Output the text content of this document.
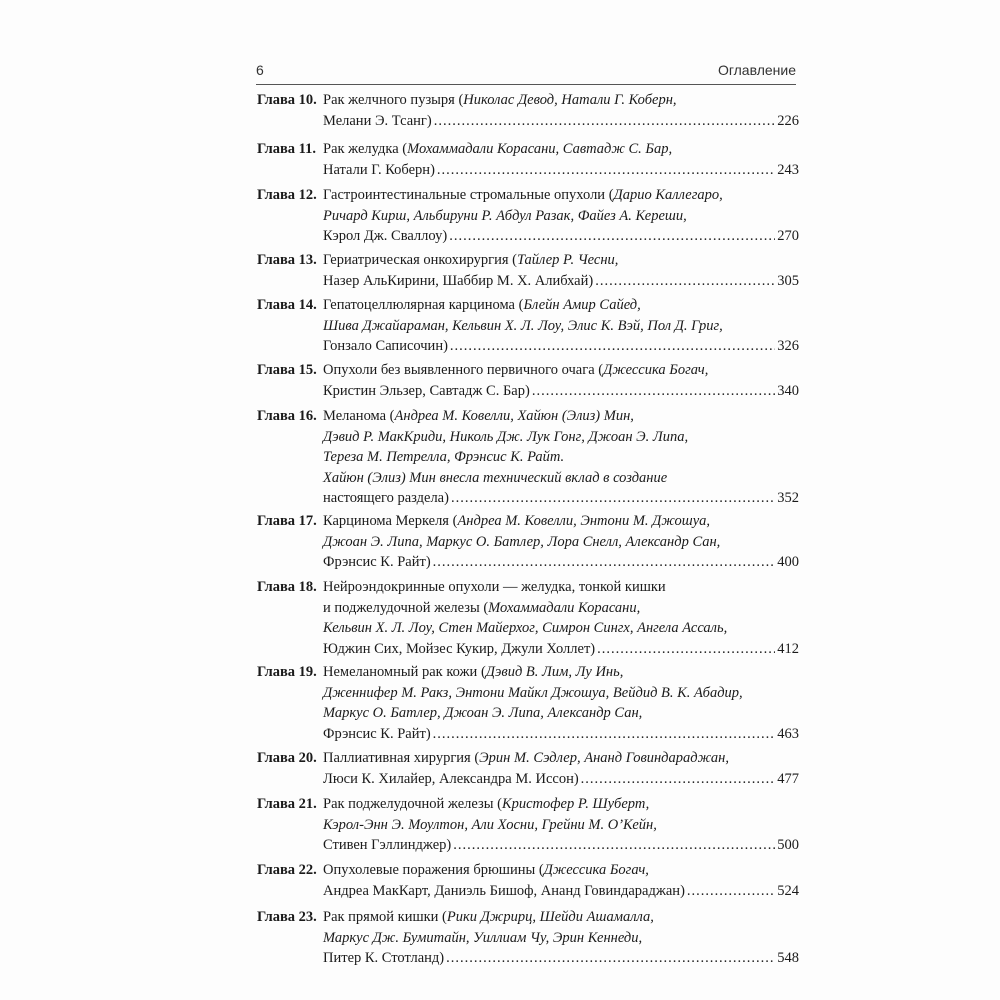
6	Оглавление
Глава 10. Рак желчного пузыря (Николас Девод, Натали Г. Коберн,
Мелани Э. Тсанг) .....	226
Глава 11. Рак желудка (Мохаммадали Корасани, Савтадж С. Бар,
Натали Г. Коберн) .....	243
Глава 12. Гастроинтестинальные стромальные опухоли (Дарио Каллегаро,
Ричард Кирш, Альбируни Р. Абдул Разак, Файез А. Кереши,
Кэрол Дж. Сваллоу) .....	270
Глава 13. Гериатрическая онкохирургия (Тайлер Р. Чесни,
Назер АльКирини, Шаббир М. Х. Алибхай) .....	305
Глава 14. Гепатоцеллюлярная карцинома (Блейн Амир Сайед,
Шива Джайараман, Кельвин Х. Л. Лоу, Элис К. Вэй, Пол Д. Григ,
Гонзало Саписочин) .....	326
Глава 15. Опухоли без выявленного первичного очага (Джессика Богач,
Кристин Эльзер, Савтадж С. Бар) .....	340
Глава 16. Меланома (Андреа М. Ковелли, Хайюн (Элиз) Мин,
Дэвид Р. МакКриди, Николь Дж. Лук Гонг, Джоан Э. Липа,
Тереза М. Петрелла, Фрэнсис К. Райт.
Хайюн (Элиз) Мин внесла технический вклад в создание
настоящего раздела) .....	352
Глава 17. Карцинома Меркеля (Андреа М. Ковелли, Энтони М. Джошуа,
Джоан Э. Липа, Маркус О. Батлер, Лора Снелл, Александр Сан,
Фрэнсис К. Райт) .....	400
Глава 18. Нейроэндокринные опухоли — желудка, тонкой кишки
и поджелудочной железы (Мохаммадали Корасани,
Кельвин Х. Л. Лоу, Стен Майерхог, Симрон Сингх, Ангела Ассаль,
Юджин Сих, Мойзес Кукир, Джули Холлет) .....	412
Глава 19. Немеланомный рак кожи (Дэвид В. Лим, Лу Инь,
Дженнифер М. Ракз, Энтони Майкл Джошуа, Вейдид В. К. Абадир,
Маркус О. Батлер, Джоан Э. Липа, Александр Сан,
Фрэнсис К. Райт) .....	463
Глава 20. Паллиативная хирургия (Эрин М. Сэдлер, Ананд Говиндараджан,
Люси К. Хилайер, Александра М. Иссон) .....	477
Глава 21. Рак поджелудочной железы (Кристофер Р. Шуберт,
Кэрол-Энн Э. Моултон, Али Хосни, Грейни М. О’Кейн,
Стивен Гэллинджер) .....	500
Глава 22. Опухолевые поражения брюшины (Джессика Богач,
Андреа МакКарт, Даниэль Бишоф, Ананд Говиндараджан) .....	524
Глава 23. Рак прямой кишки (Рики Джрирц, Шейди Ашамалла,
Маркус Дж. Бумитайн, Уиллиам Чу, Эрин Кеннеди,
Питер К. Стотланд) .....	548
